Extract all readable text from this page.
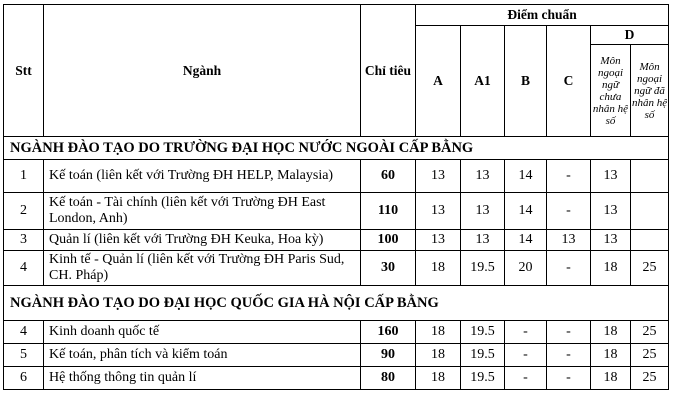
Stt	Ngành	Chỉ tiêu	Điểm chuẩn					
			A	A1	B	C	D	
							Môn ngoại ngữ chưa nhân hệ số	Môn ngoại ngữ đã nhân hệ số
NGÀNH ĐÀO TẠO DO TRƯỜNG ĐẠI HỌC NƯỚC NGOÀI CẤP BẰNG								
1	Kế toán (liên kết với Trường ĐH HELP, Malaysia)	60	13	13	14	-	13	
2	Kế toán - Tài chính (liên kết với Trường ĐH East London, Anh)	110	13	13	14	-	13	
3	Quản lí (liên kết với Trường ĐH Keuka, Hoa kỳ)	100	13	13	14	13	13	
4	Kinh tế - Quản lí (liên kết với Trường ĐH Paris Sud, CH. Pháp)	30	18	19.5	20	-	18	25
NGÀNH ĐÀO TẠO DO ĐẠI HỌC QUỐC GIA HÀ NỘI CẤP BẰNG								
4	Kinh doanh quốc tế	160	18	19.5	-	-	18	25
5	Kế toán, phân tích và kiểm toán	90	18	19.5	-	-	18	25
6	Hệ thống thông tin quản lí	80	18	19.5	-	-	18	25
